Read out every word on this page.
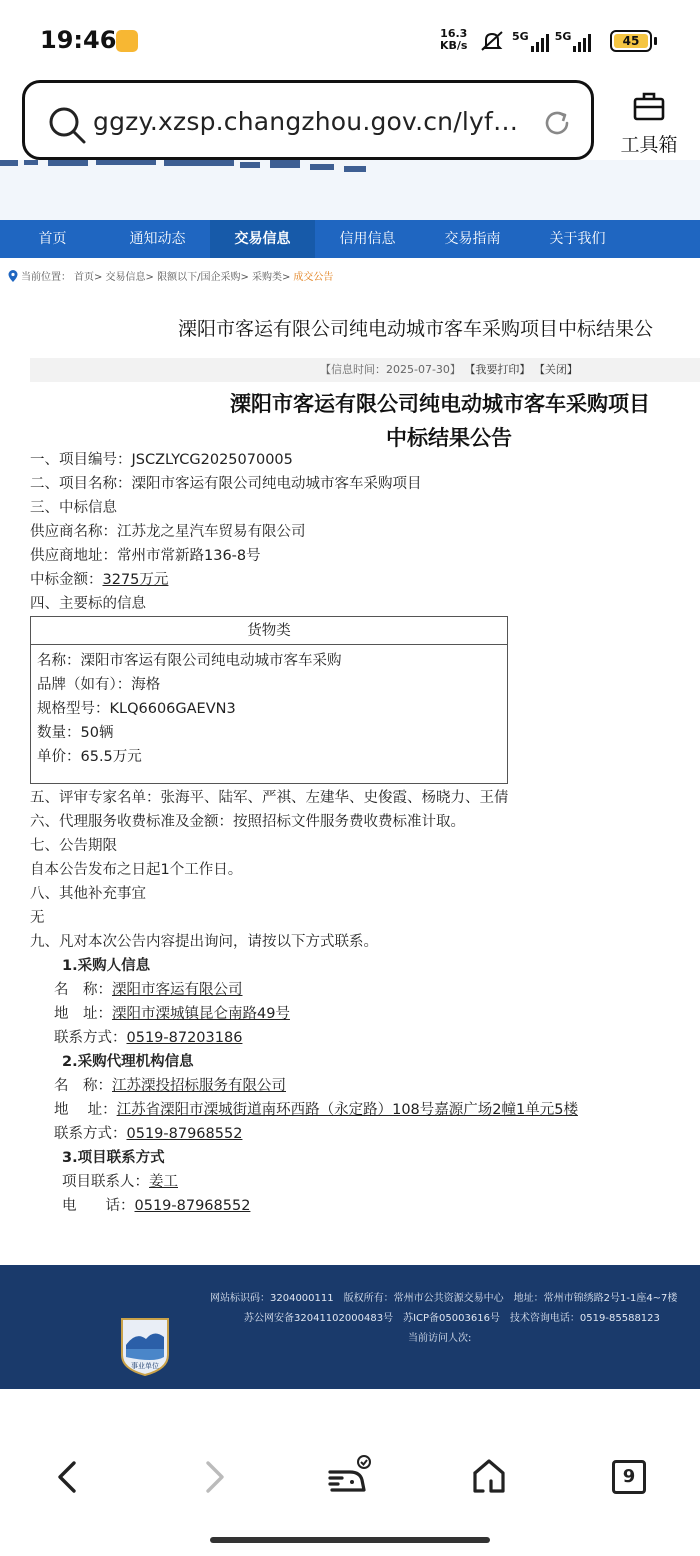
19:46	16.3
KB/s
5G 5G	45
ggzy.xzsp.changzhou.gov.cn/lyf…
工具箱
首页	通知动态	交易信息	信用信息	交易指南	关于我们
当前位置： 首页> 交易信息> 限额以下/国企采购> 采购类> 成交公告
溧阳市客运有限公司纯电动城市客车采购项目中标结果公
【信息时间：2025-07-30】 【我要打印】 【关闭】
溧阳市客运有限公司纯电动城市客车采购项目
中标结果公告
一、项目编号：JSCZLYCG2025070005
二、项目名称：溧阳市客运有限公司纯电动城市客车采购项目
三、中标信息
供应商名称：江苏龙之星汽车贸易有限公司
供应商地址：常州市常新路136-8号
中标金额：3275万元
四、主要标的信息
货物类
名称：溧阳市客运有限公司纯电动城市客车采购
品牌（如有）：海格
规格型号：KLQ6606GAEVN3
数量：50辆
单价：65.5万元
五、评审专家名单：张海平、陆军、严祺、左建华、史俊霞、杨晓力、王倩
六、代理服务收费标准及金额：按照招标文件服务费收费标准计取。
七、公告期限
自本公告发布之日起1个工作日。
八、其他补充事宜
无
九、凡对本次公告内容提出询问，请按以下方式联系。
1.采购人信息
名　称：溧阳市客运有限公司
地　址：溧阳市溧城镇昆仑南路49号
联系方式：0519-87203186
2.采购代理机构信息
名　称：江苏溧投招标服务有限公司
地　 址：江苏省溧阳市溧城街道南环西路（永定路）108号嘉源广场2幢1单元5楼
联系方式：0519-87968552
3.项目联系方式
项目联系人：姜工
电　　话：0519-87968552
网站标识码：3204000111　版权所有：常州市公共资源交易中心　地址：常州市锦绣路2号1-1座4~7楼
苏公网安备32041102000483号　苏ICP备05003616号　技术咨询电话：0519-85588123
当前访问人次:
事业单位
9
